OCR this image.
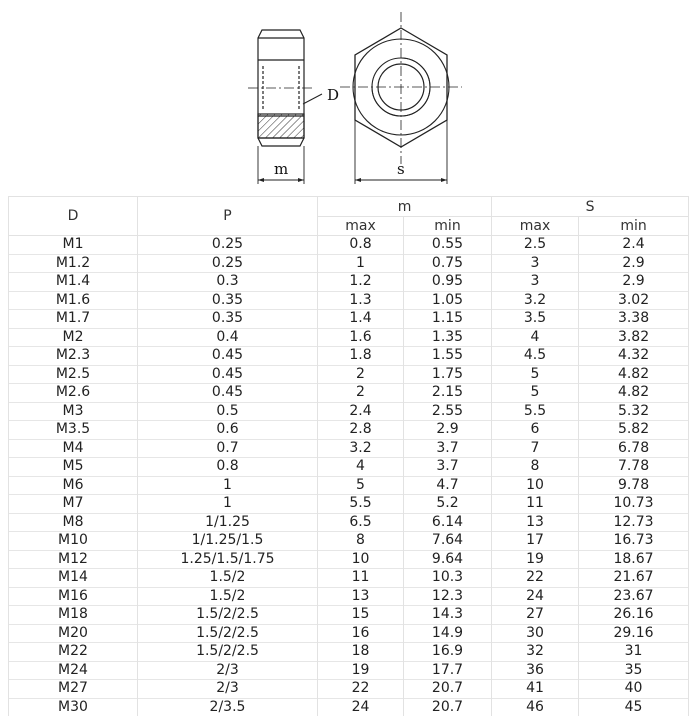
D
m	s
D	P	m		S	
		max	min	max	min
M1	0.25	0.8	0.55	2.5	2.4
M1.2	0.25	1	0.75	3	2.9
M1.4	0.3	1.2	0.95	3	2.9
M1.6	0.35	1.3	1.05	3.2	3.02
M1.7	0.35	1.4	1.15	3.5	3.38
M2	0.4	1.6	1.35	4	3.82
M2.3	0.45	1.8	1.55	4.5	4.32
M2.5	0.45	2	1.75	5	4.82
M2.6	0.45	2	2.15	5	4.82
M3	0.5	2.4	2.55	5.5	5.32
M3.5	0.6	2.8	2.9	6	5.82
M4	0.7	3.2	3.7	7	6.78
M5	0.8	4	3.7	8	7.78
M6	1	5	4.7	10	9.78
M7	1	5.5	5.2	11	10.73
M8	1/1.25	6.5	6.14	13	12.73
M10	1/1.25/1.5	8	7.64	17	16.73
M12	1.25/1.5/1.75	10	9.64	19	18.67
M14	1.5/2	11	10.3	22	21.67
M16	1.5/2	13	12.3	24	23.67
M18	1.5/2/2.5	15	14.3	27	26.16
M20	1.5/2/2.5	16	14.9	30	29.16
M22	1.5/2/2.5	18	16.9	32	31
M24	2/3	19	17.7	36	35
M27	2/3	22	20.7	41	40
M30	2/3.5	24	20.7	46	45
